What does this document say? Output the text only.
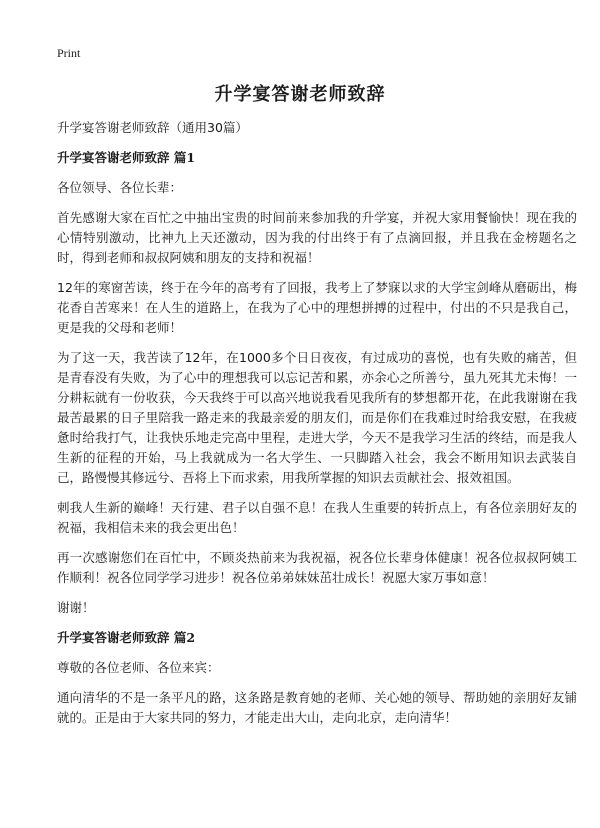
Print
升学宴答谢老师致辞

升学宴答谢老师致辞（通用30篇）

升学宴答谢老师致辞 篇1

各位领导、各位长辈：

首先感谢大家在百忙之中抽出宝贵的时间前来参加我的升学宴，并祝大家用餐愉快！现在我的心情特别激动，比神九上天还激动，因为我的付出终于有了点滴回报，并且我在金榜题名之时，得到老师和叔叔阿姨和朋友的支持和祝福！

12年的寒窗苦读，终于在今年的高考有了回报，我考上了梦寐以求的大学宝剑峰从磨砺出，梅花香自苦寒来！在人生的道路上，在我为了心中的理想拼搏的过程中，付出的不只是我自己，更是我的父母和老师！

为了这一天，我苦读了12年，在1000多个日日夜夜，有过成功的喜悦，也有失败的痛苦，但是青春没有失败，为了心中的理想我可以忘记苦和累，亦余心之所善兮，虽九死其尤未悔！一分耕耘就有一份收获，今天我终于可以高兴地说我看见我所有的梦想都开花，在此我谢谢在我最苦最累的日子里陪我一路走来的我最亲爱的朋友们，而是你们在我难过时给我安慰，在我疲惫时给我打气，让我快乐地走完高中里程，走进大学，今天不是我学习生活的终结，而是我人生新的征程的开始，马上我就成为一名大学生、一只脚踏入社会，我会不断用知识去武装自己，路慢慢其修远兮、吾将上下而求索，用我所掌握的知识去贡献社会、报效祖国。

刺我人生新的巅峰！天行建、君子以自强不息！在我人生重要的转折点上，有各位亲朋好友的祝福，我相信未来的我会更出色！

再一次感谢您们在百忙中，不顾炎热前来为我祝福，祝各位长辈身体健康！祝各位叔叔阿姨工作顺利！祝各位同学学习进步！祝各位弟弟妹妹茁壮成长！祝愿大家万事如意！

谢谢！

升学宴答谢老师致辞 篇2

尊敬的各位老师、各位来宾：

通向清华的不是一条平凡的路，这条路是教育她的老师、关心她的领导、帮助她的亲朋好友铺就的。正是由于大家共同的努力，才能走出大山，走向北京，走向清华！
